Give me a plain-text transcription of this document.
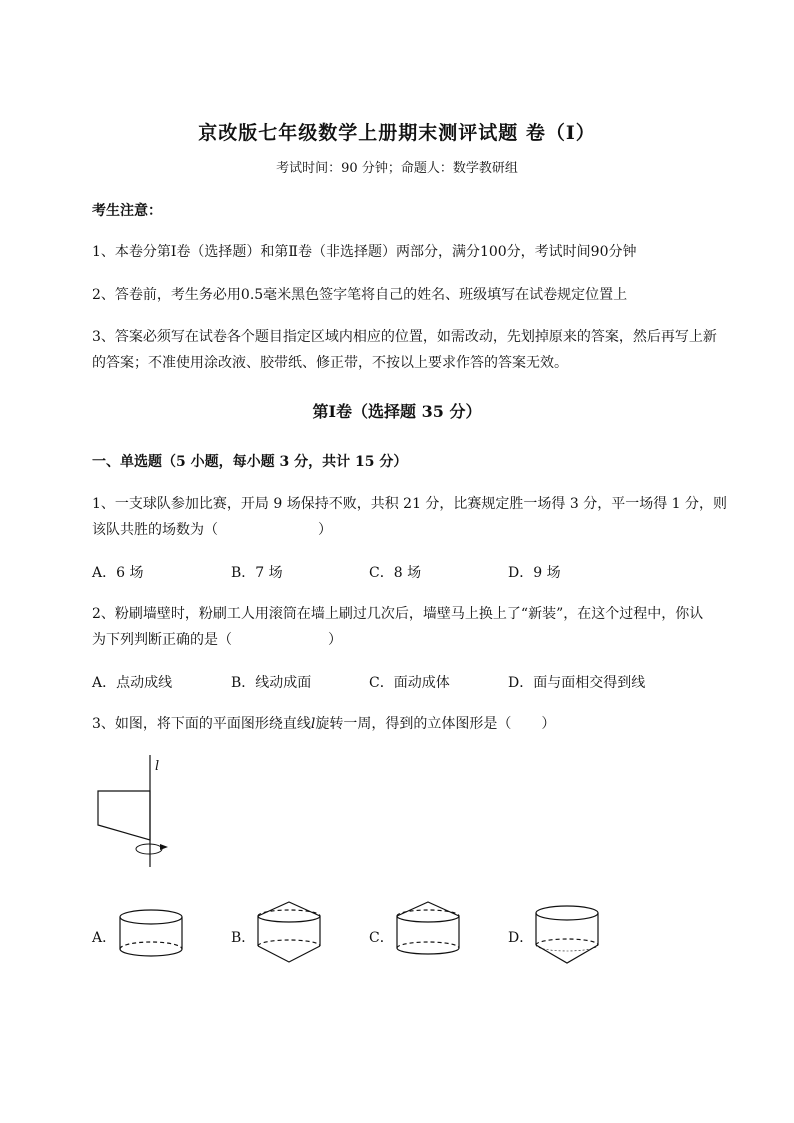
京改版七年级数学上册期末测评试题 卷（Ⅰ）
考试时间：90 分钟；命题人：数学教研组
考生注意：
1、本卷分第Ⅰ卷（选择题）和第Ⅱ卷（非选择题）两部分，满分100分，考试时间90分钟
2、答卷前，考生务必用0.5毫米黑色签字笔将自己的姓名、班级填写在试卷规定位置上
3、答案必须写在试卷各个题目指定区域内相应的位置，如需改动，先划掉原来的答案，然后再写上新
的答案；不准使用涂改液、胶带纸、修正带，不按以上要求作答的答案无效。
第Ⅰ卷（选择题 35 分）
一、单选题（5 小题，每小题 3 分，共计 15 分）
1、一支球队参加比赛，开局 9 场保持不败，共积 21 分，比赛规定胜一场得 3 分，平一场得 1 分，则
该队共胜的场数为（	）
A．6 场	B．7 场	C．8 场	D．9 场
2、粉刷墙壁时，粉刷工人用滚筒在墙上刷过几次后，墙壁马上换上了“新装”，在这个过程中，你认
为下列判断正确的是（	）
A．点动成线	B．线动成面	C．面动成体	D．面与面相交得到线
3、如图，将下面的平面图形绕直线l旋转一周，得到的立体图形是（ ）
l
A．	B．	C．	D．
